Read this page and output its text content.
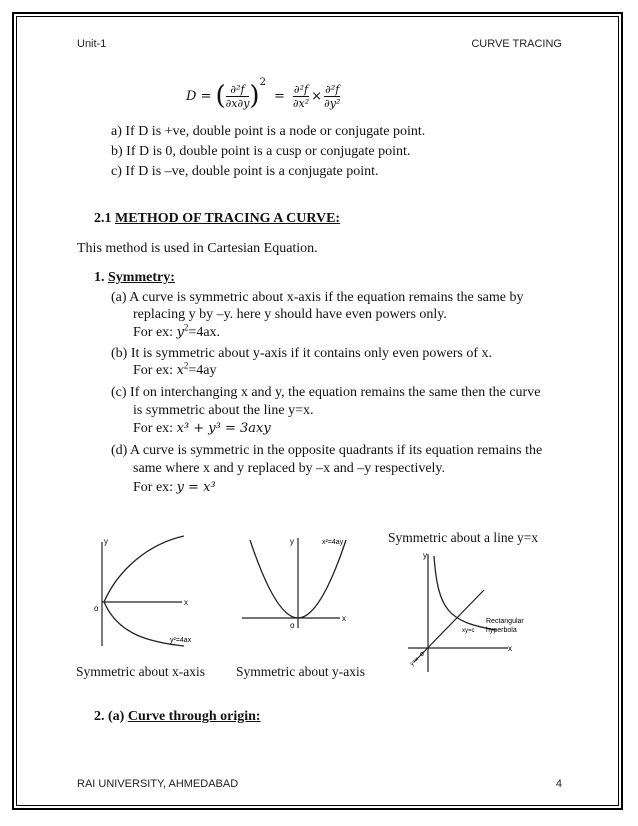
Unit-1	CURVE TRACING
D = ( $\frac{\text{∂²f}}{\partial x\partial y}$ ) 2
= $\frac{\text{∂²f}}{\text{∂x²}} \times \frac{\text{∂²f}}{\text{∂y²}}$
a) If D is +ve, double point is a node or conjugate point.
b) If D is 0, double point is a cusp or conjugate point.
c) If D is –ve, double point is a conjugate point.
2.1 METHOD OF TRACING A CURVE:
This method is used in Cartesian Equation.
1. Symmetry:
(a) A curve is symmetric about x-axis if the equation remains the same by
replacing y by –y. here y should have even powers only.
For ex: $y^2=4ax$.
(b) It is symmetric about y-axis if it contains only even powers of x.
For ex: $x^2=4ay$
(c) If on interchanging x and y, the equation remains the same then the curve
is symmetric about the line y=x.
For ex: x³ + y³ = 3axy
(d) A curve is symmetric in the opposite quadrants if its equation remains the
same where x and y replaced by –x and –y respectively.
For ex: y = x³
y
x
o
y²=4ax
y
x
o
x²=4ay
y
x
o
y=x
xy=c
Rectangular
hyperbola
Symmetric about a line y=x
Symmetric about x-axis Symmetric about y-axis
2. (a) Curve through origin:
RAI UNIVERSITY, AHMEDABAD	4
